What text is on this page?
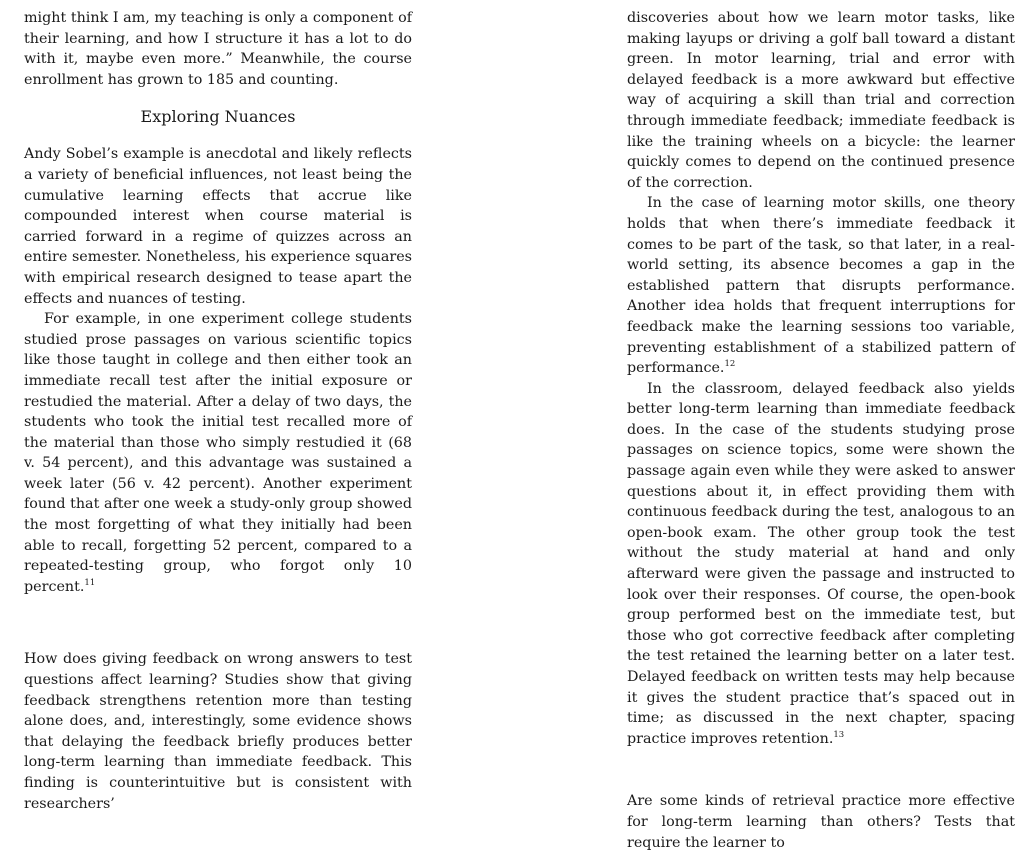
might think I am, my teaching is only a component of their learning, and how I structure it has a lot to do with it, maybe even more.” Meanwhile, the course enrollment has grown to 185 and counting.

Exploring Nuances

Andy Sobel’s example is anecdotal and likely reflects a variety of beneficial influences, not least being the cumulative learning effects that accrue like compounded interest when course material is carried forward in a regime of quizzes across an entire semester. Nonetheless, his experience squares with empirical research designed to tease apart the effects and nuances of testing.

For example, in one experiment college students studied prose passages on various scientific topics like those taught in college and then either took an immediate recall test after the initial exposure or restudied the material. After a delay of two days, the students who took the initial test recalled more of the material than those who simply restudied it (68 v. 54 percent), and this advantage was sustained a week later (56 v. 42 percent). Another experiment found that after one week a study-only group showed the most forgetting of what they initially had been able to recall, forgetting 52 percent, compared to a repeated-testing group, who forgot only 10 percent.$^{11}$

How does giving feedback on wrong answers to test questions affect learning? Studies show that giving feedback strengthens retention more than testing alone does, and, interestingly, some evidence shows that delaying the feedback briefly produces better long-term learning than immediate feedback. This finding is counterintuitive but is consistent with researchers’

discoveries about how we learn motor tasks, like making layups or driving a golf ball toward a distant green. In motor learning, trial and error with delayed feedback is a more awkward but effective way of acquiring a skill than trial and correction through immediate feedback; immediate feedback is like the training wheels on a bicycle: the learner quickly comes to depend on the continued presence of the correction.

In the case of learning motor skills, one theory holds that when there’s immediate feedback it comes to be part of the task, so that later, in a real-world setting, its absence becomes a gap in the established pattern that disrupts performance. Another idea holds that frequent interruptions for feedback make the learning sessions too variable, preventing establishment of a stabilized pattern of performance.$^{12}$

In the classroom, delayed feedback also yields better long-term learning than immediate feedback does. In the case of the students studying prose passages on science topics, some were shown the passage again even while they were asked to answer questions about it, in effect providing them with continuous feedback during the test, analogous to an open-book exam. The other group took the test without the study material at hand and only afterward were given the passage and instructed to look over their responses. Of course, the open-book group performed best on the immediate test, but those who got corrective feedback after completing the test retained the learning better on a later test. Delayed feedback on written tests may help because it gives the student practice that’s spaced out in time; as discussed in the next chapter, spacing practice improves retention.$^{13}$

Are some kinds of retrieval practice more effective for long-term learning than others? Tests that require the learner to
